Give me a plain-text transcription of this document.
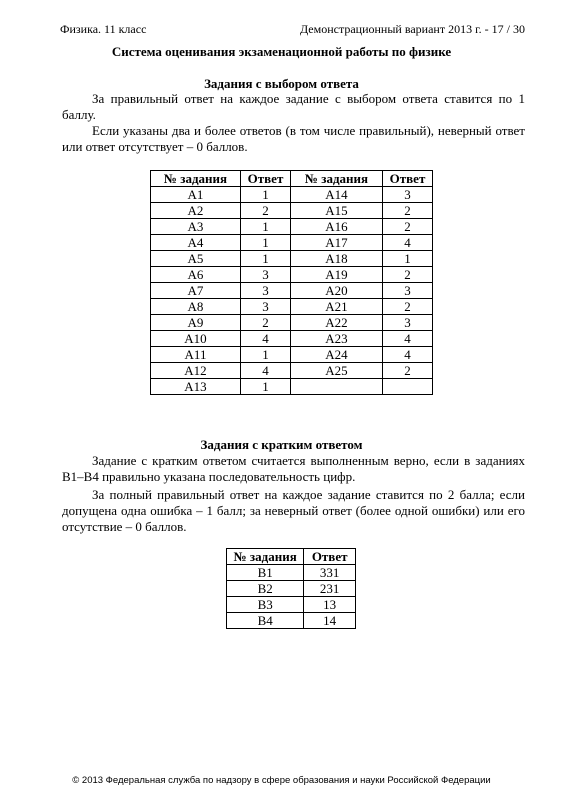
Физика. 11 класс	Демонстрационный вариант 2013 г. - 17 / 30
Система оценивания экзаменационной работы по физике
Задания с выбором ответа
За правильный ответ на каждое задание с выбором ответа ставится по 1 баллу.
Если указаны два и более ответов (в том числе правильный), неверный ответ или ответ отсутствует – 0 баллов.
№ задания	Ответ	№ задания	Ответ
А1	1	А14	3
А2	2	А15	2
А3	1	А16	2
А4	1	А17	4
А5	1	А18	1
А6	3	А19	2
А7	3	А20	3
А8	3	А21	2
А9	2	А22	3
А10	4	А23	4
А11	1	А24	4
А12	4	А25	2
А13	1		
Задания с кратким ответом
Задание с кратким ответом считается выполненным верно, если в заданиях В1–В4 правильно указана последовательность цифр.
За полный правильный ответ на каждое задание ставится по 2 балла; если допущена одна ошибка – 1 балл; за неверный ответ (более одной ошибки) или его отсутствие – 0 баллов.
№ задания	Ответ
В1	331
В2	231
В3	13
В4	14
© 2013 Федеральная служба по надзору в сфере образования и науки Российской Федерации
